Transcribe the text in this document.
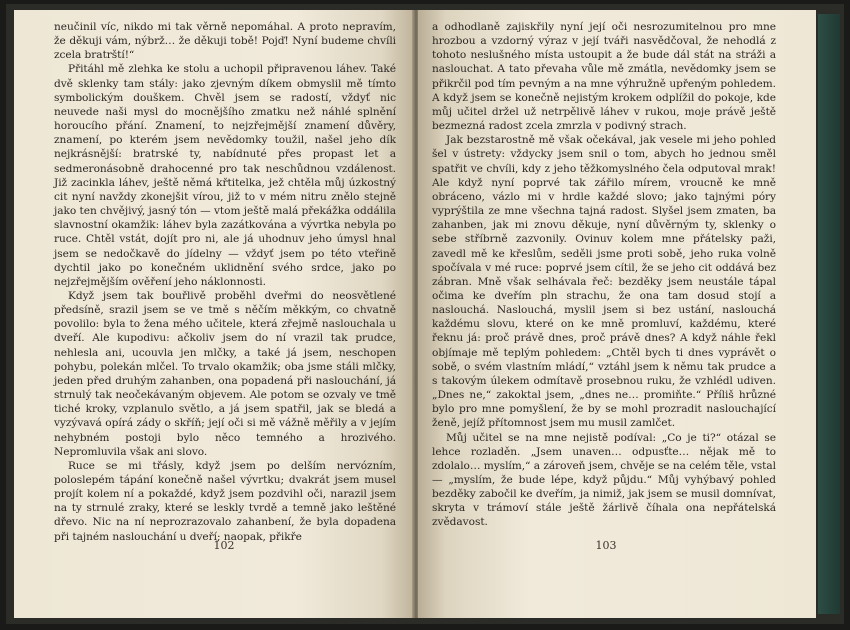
neučinil víc, nikdo mi tak věrně nepomáhal. A proto nepravím, že děkuji vám, nýbrž… že děkuji tobě! Pojď! Nyní budeme chvíli zcela bratrští!“

Přitáhl mě zlehka ke stolu a uchopil připravenou láhev. Také dvě sklenky tam stály: jako zjevným díkem obmyslil mě tímto symbolickým douškem. Chvěl jsem se radostí, vždyť nic neuvede naši mysl do mocnějšího zmatku než náhlé splnění horoucího přání. Znamení, to nejzřejmější znamení důvěry, znamení, po kterém jsem nevědomky toužil, našel jeho dík nejkrásnější: bratrské ty, nabídnuté přes propast let a sedmeronásobně drahocenné pro tak neschůdnou vzdálenost. Již zacinkla láhev, ještě němá křtitelka, jež chtěla můj úzkostný cit nyní navždy zkonejšit vírou, již to v mém nitru znělo stejně jako ten chvějivý, jasný tón — vtom ještě malá překážka oddálila slavnostní okamžik: láhev byla zazátkována a vývrtka nebyla po ruce. Chtěl vstát, dojít pro ni, ale já uhodnuv jeho úmysl hnal jsem se nedočkavě do jídelny — vždyť jsem po této vteřině dychtil jako po konečném uklidnění svého srdce, jako po nejzřejmějším ověření jeho náklonnosti.

Když jsem tak bouřlivě proběhl dveřmi do neosvětlené předsíně, srazil jsem se ve tmě s něčím měkkým, co chvatně povolilo: byla to žena mého učitele, která zřejmě naslouchala u dveří. Ale kupodivu: ačkoliv jsem do ní vrazil tak prudce, nehlesla ani, ucouvla jen mlčky, a také já jsem, neschopen pohybu, polekán mlčel. To trvalo okamžik; oba jsme stáli mlčky, jeden před druhým zahanben, ona popadená při naslouchání, já strnulý tak neočekávaným objevem. Ale potom se ozvaly ve tmě tiché kroky, vzplanulo světlo, a já jsem spatřil, jak se bledá a vyzývavá opírá zády o skříň; její oči si mě vážně měřily a v jejím nehybném postoji bylo něco temného a hrozivého. Nepromluvila však ani slovo.

Ruce se mi třásly, když jsem po delším nervózním, poloslepém tápání konečně našel vývrtku; dvakrát jsem musel projít kolem ní a pokaždé, když jsem pozdvihl oči, narazil jsem na ty strnulé zraky, které se leskly tvrdě a temně jako leštěné dřevo. Nic na ní neprozrazovalo zahanbení, že byla dopadena při tajném naslouchání u dveří; naopak, přikře

102

a odhodlaně zajiskřily nyní její oči nesrozumitelnou pro mne hrozbou a vzdorný výraz v její tváři nasvědčoval, že nehodlá z tohoto neslušného místa ustoupit a že bude dál stát na stráži a naslouchat. A tato převaha vůle mě zmátla, nevědomky jsem se přikrčil pod tím pevným a na mne výhružně upřeným pohledem. A když jsem se konečně nejistým krokem odplížil do pokoje, kde můj učitel držel už netrpělivě láhev v rukou, moje právě ještě bezmezná radost zcela zmrzla v podivný strach.

Jak bezstarostně mě však očekával, jak vesele mi jeho pohled šel v ústrety: vždycky jsem snil o tom, abych ho jednou směl spatřit ve chvíli, kdy z jeho těžkomyslného čela odputoval mrak! Ale když nyní poprvé tak zářilo mírem, vroucně ke mně obráceno, vázlo mi v hrdle každé slovo; jako tajnými póry vyprýštila ze mne všechna tajná radost. Slyšel jsem zmaten, ba zahanben, jak mi znovu děkuje, nyní důvěrným ty, sklenky o sebe stříbrně zazvonily. Ovinuv kolem mne přátelsky paži, zavedl mě ke křeslům, seděli jsme proti sobě, jeho ruka volně spočívala v mé ruce: poprvé jsem cítil, že se jeho cit oddává bez zábran. Mně však selhávala řeč: bezděky jsem neustále tápal očima ke dveřím pln strachu, že ona tam dosud stojí a naslouchá. Naslouchá, myslil jsem si bez ustání, naslouchá každému slovu, které on ke mně promluví, každému, které řeknu já: proč právě dnes, proč právě dnes? A když náhle řekl objímaje mě teplým pohledem: „Chtěl bych ti dnes vyprávět o sobě, o svém vlastním mládí,“ vztáhl jsem k němu tak prudce a s takovým úlekem odmítavě prosebnou ruku, že vzhlédl udiven. „Dnes ne,“ zakoktal jsem, „dnes ne… promiňte.“ Příliš hrůzné bylo pro mne pomyšlení, že by se mohl prozradit naslouchající ženě, jejíž přítomnost jsem mu musil zamlčet.

Můj učitel se na mne nejistě podíval: „Co je ti?“ otázal se lehce rozladěn. „Jsem unaven… odpusťte… nějak mě to zdolalo… myslím,“ a zároveň jsem, chvěje se na celém těle, vstal — „myslím, že bude lépe, když půjdu.“ Můj vyhýbavý pohled bezděky zabočil ke dveřím, ja nimiž, jak jsem se musil domnívat, skryta v trámoví stále ještě žárlivě číhala ona nepřátelská zvědavost.

103
